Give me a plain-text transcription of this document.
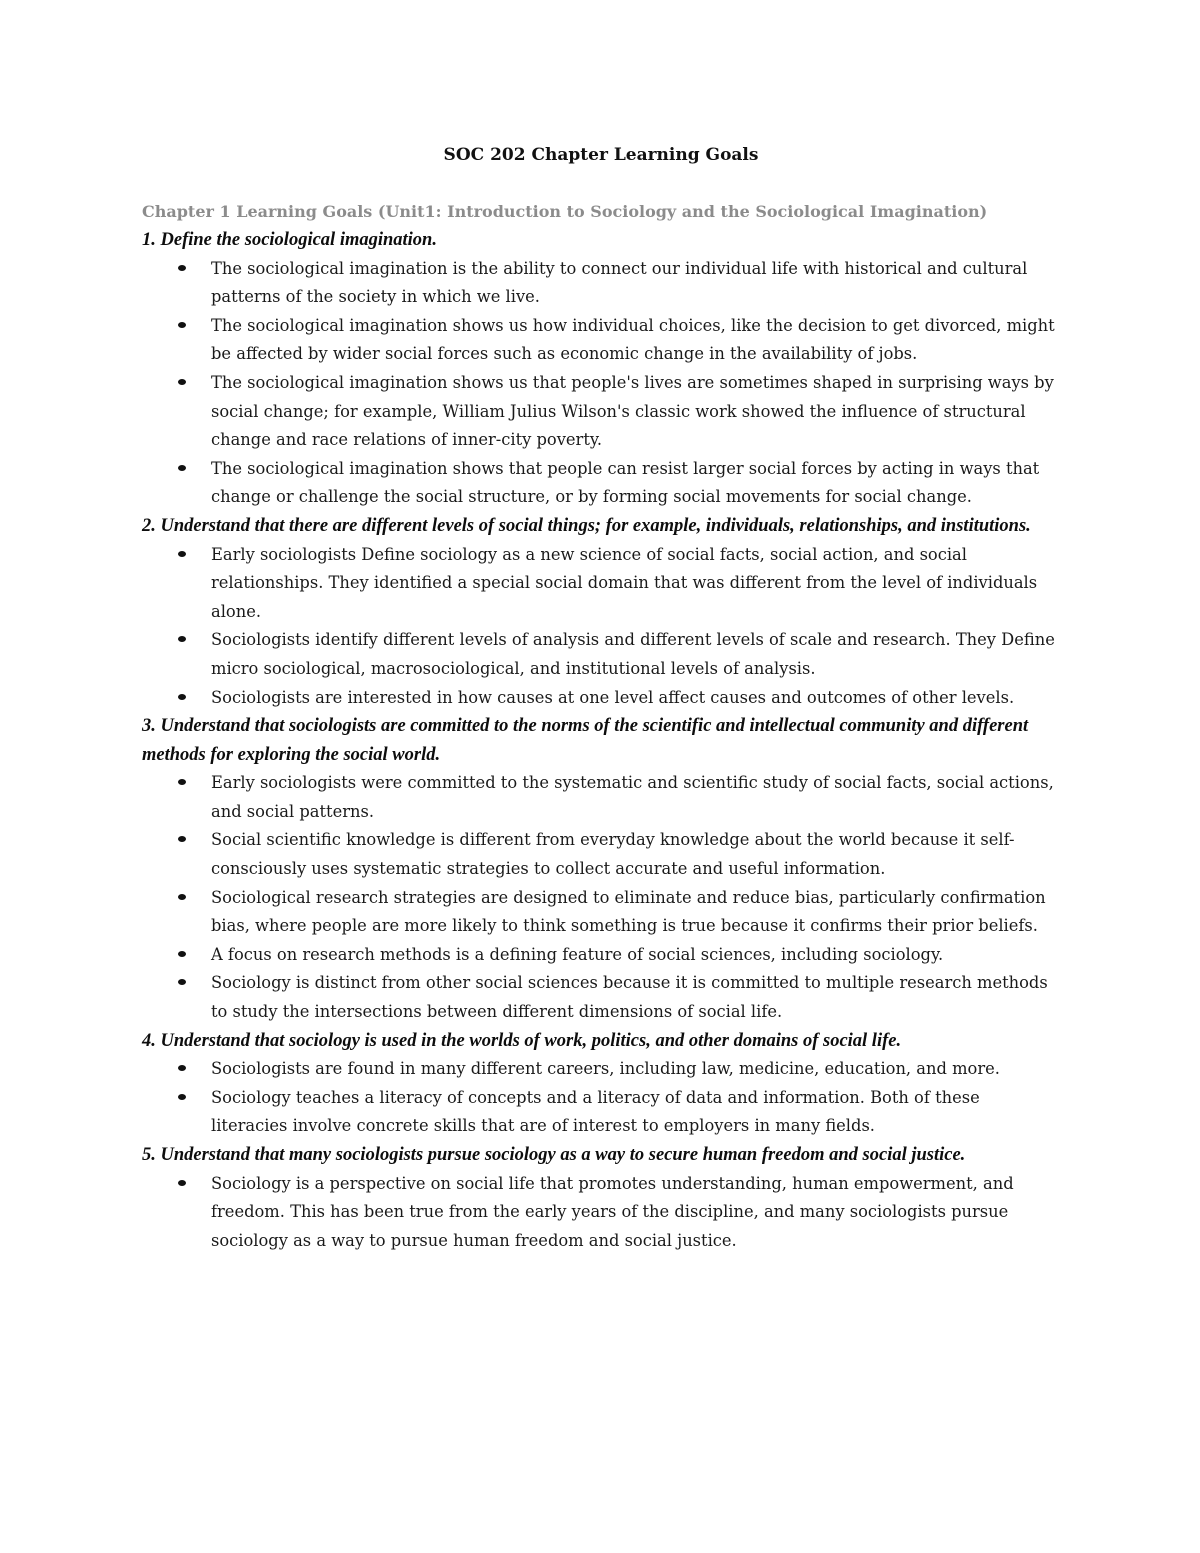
SOC 202 Chapter Learning Goals
Chapter 1 Learning Goals (Unit1: Introduction to Sociology and the Sociological Imagination)

1. Define the sociological imagination.

The sociological imagination is the ability to connect our individual life with historical and cultural patterns of the society in which we live.
The sociological imagination shows us how individual choices, like the decision to get divorced, might be affected by wider social forces such as economic change in the availability of jobs.
The sociological imagination shows us that people's lives are sometimes shaped in surprising ways by social change; for example, William Julius Wilson's classic work showed the influence of structural change and race relations of inner-city poverty.
The sociological imagination shows that people can resist larger social forces by acting in ways that change or challenge the social structure, or by forming social movements for social change.

2. Understand that there are different levels of social things; for example, individuals, relationships, and institutions.

Early sociologists Define sociology as a new science of social facts, social action, and social relationships. They identified a special social domain that was different from the level of individuals alone.
Sociologists identify different levels of analysis and different levels of scale and research. They Define micro sociological, macrosociological, and institutional levels of analysis.
Sociologists are interested in how causes at one level affect causes and outcomes of other levels.

3. Understand that sociologists are committed to the norms of the scientific and intellectual community and different methods for exploring the social world.

Early sociologists were committed to the systematic and scientific study of social facts, social actions, and social patterns.
Social scientific knowledge is different from everyday knowledge about the world because it self-consciously uses systematic strategies to collect accurate and useful information.
Sociological research strategies are designed to eliminate and reduce bias, particularly confirmation bias, where people are more likely to think something is true because it confirms their prior beliefs.
A focus on research methods is a defining feature of social sciences, including sociology.
Sociology is distinct from other social sciences because it is committed to multiple research methods to study the intersections between different dimensions of social life.

4. Understand that sociology is used in the worlds of work, politics, and other domains of social life.

Sociologists are found in many different careers, including law, medicine, education, and more.
Sociology teaches a literacy of concepts and a literacy of data and information. Both of these literacies involve concrete skills that are of interest to employers in many fields.

5. Understand that many sociologists pursue sociology as a way to secure human freedom and social justice.

Sociology is a perspective on social life that promotes understanding, human empowerment, and freedom. This has been true from the early years of the discipline, and many sociologists pursue sociology as a way to pursue human freedom and social justice.
